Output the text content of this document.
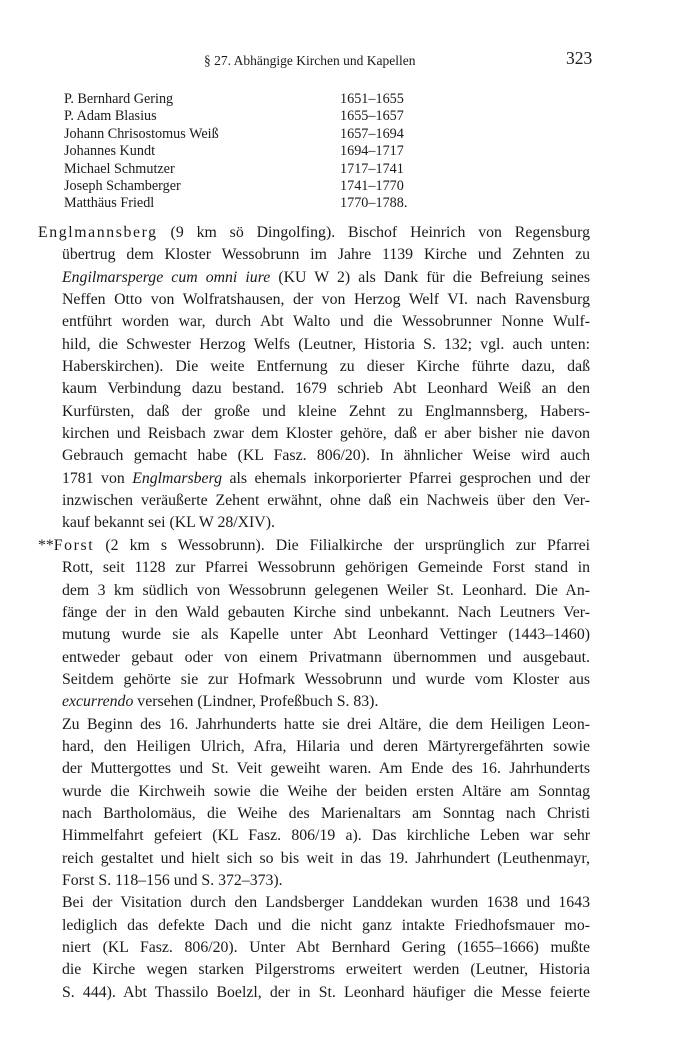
§ 27. Abhängige Kirchen und Kapellen	323
P. Bernhard Gering	1651–1655
P. Adam Blasius	1655–1657
Johann Chrisostomus Weiß	1657–1694
Johannes Kundt	1694–1717
Michael Schmutzer	1717–1741
Joseph Schamberger	1741–1770
Matthäus Friedl	1770–1788.
Englmannsberg (9 km sö Dingolfing). Bischof Heinrich von Regensburg
übertrug dem Kloster Wessobrunn im Jahre 1139 Kirche und Zehnten zu
Engilmarsperge cum omni iure (KU W 2) als Dank für die Befreiung seines
Neffen Otto von Wolfratshausen, der von Herzog Welf VI. nach Ravensburg
entführt worden war, durch Abt Walto und die Wessobrunner Nonne Wulf-
hild, die Schwester Herzog Welfs (Leutner, Historia S. 132; vgl. auch unten:
Haberskirchen). Die weite Entfernung zu dieser Kirche führte dazu, daß
kaum Verbindung dazu bestand. 1679 schrieb Abt Leonhard Weiß an den
Kurfürsten, daß der große und kleine Zehnt zu Englmannsberg, Habers-
kirchen und Reisbach zwar dem Kloster gehöre, daß er aber bisher nie davon
Gebrauch gemacht habe (KL Fasz. 806/20). In ähnlicher Weise wird auch
1781 von Englmarsberg als ehemals inkorporierter Pfarrei gesprochen und der
inzwischen veräußerte Zehent erwähnt, ohne daß ein Nachweis über den Ver-
kauf bekannt sei (KL W 28/XIV).
**Forst (2 km s Wessobrunn). Die Filialkirche der ursprünglich zur Pfarrei
Rott, seit 1128 zur Pfarrei Wessobrunn gehörigen Gemeinde Forst stand in
dem 3 km südlich von Wessobrunn gelegenen Weiler St. Leonhard. Die An-
fänge der in den Wald gebauten Kirche sind unbekannt. Nach Leutners Ver-
mutung wurde sie als Kapelle unter Abt Leonhard Vettinger (1443–1460)
entweder gebaut oder von einem Privatmann übernommen und ausgebaut.
Seitdem gehörte sie zur Hofmark Wessobrunn und wurde vom Kloster aus
excurrendo versehen (Lindner, Profeßbuch S. 83).
Zu Beginn des 16. Jahrhunderts hatte sie drei Altäre, die dem Heiligen Leon-
hard, den Heiligen Ulrich, Afra, Hilaria und deren Märtyrergefährten sowie
der Muttergottes und St. Veit geweiht waren. Am Ende des 16. Jahrhunderts
wurde die Kirchweih sowie die Weihe der beiden ersten Altäre am Sonntag
nach Bartholomäus, die Weihe des Marienaltars am Sonntag nach Christi
Himmelfahrt gefeiert (KL Fasz. 806/19 a). Das kirchliche Leben war sehr
reich gestaltet und hielt sich so bis weit in das 19. Jahrhundert (Leuthenmayr,
Forst S. 118–156 und S. 372–373).
Bei der Visitation durch den Landsberger Landdekan wurden 1638 und 1643
lediglich das defekte Dach und die nicht ganz intakte Friedhofsmauer mo-
niert (KL Fasz. 806/20). Unter Abt Bernhard Gering (1655–1666) mußte
die Kirche wegen starken Pilgerstroms erweitert werden (Leutner, Historia
S. 444). Abt Thassilo Boelzl, der in St. Leonhard häufiger die Messe feierte
